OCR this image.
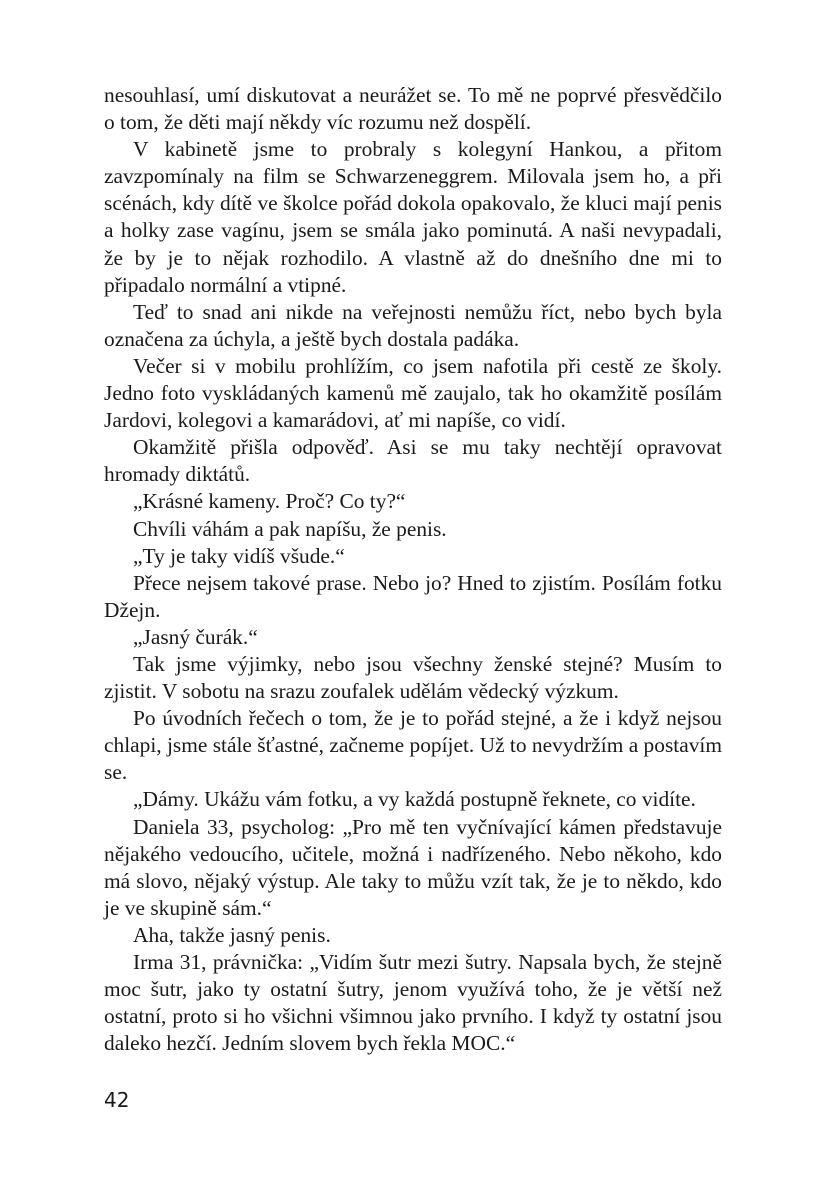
nesouhlasí, umí diskutovat a neurážet se. To mě ne poprvé přesvědčilo o tom, že děti mají někdy víc rozumu než dospělí.

V kabinetě jsme to probraly s kolegyní Hankou, a přitom zavzpomínaly na film se Schwarzeneggrem. Milovala jsem ho, a při scénách, kdy dítě ve školce pořád dokola opakovalo, že kluci mají penis a holky zase vagínu, jsem se smála jako pominutá. A naši nevypadali, že by je to nějak rozhodilo. A vlastně až do dnešního dne mi to připadalo normální a vtipné.

Teď to snad ani nikde na veřejnosti nemůžu říct, nebo bych byla označena za úchyla, a ještě bych dostala padáka.

Večer si v mobilu prohlížím, co jsem nafotila při cestě ze školy. Jedno foto vyskládaných kamenů mě zaujalo, tak ho okamžitě posílám Jardovi, kolegovi a kamarádovi, ať mi napíše, co vidí.

Okamžitě přišla odpověď. Asi se mu taky nechtějí opravovat hromady diktátů.

„Krásné kameny. Proč? Co ty?“

Chvíli váhám a pak napíšu, že penis.

„Ty je taky vidíš všude.“

Přece nejsem takové prase. Nebo jo? Hned to zjistím. Posílám fotku Džejn.

„Jasný čurák.“

Tak jsme výjimky, nebo jsou všechny ženské stejné? Musím to zjistit. V sobotu na srazu zoufalek udělám vědecký výzkum.

Po úvodních řečech o tom, že je to pořád stejné, a že i když nejsou chlapi, jsme stále šťastné, začneme popíjet. Už to nevydržím a postavím se.

„Dámy. Ukážu vám fotku, a vy každá postupně řeknete, co vidíte.

Daniela 33, psycholog: „Pro mě ten vyčnívající kámen představuje nějakého vedoucího, učitele, možná i nadřízeného. Nebo někoho, kdo má slovo, nějaký výstup. Ale taky to můžu vzít tak, že je to někdo, kdo je ve skupině sám.“

Aha, takže jasný penis.

Irma 31, právnička: „Vidím šutr mezi šutry. Napsala bych, že stejně moc šutr, jako ty ostatní šutry, jenom využívá toho, že je větší než ostatní, proto si ho všichni všimnou jako prvního. I když ty ostatní jsou daleko hezčí. Jedním slovem bych řekla MOC.“

42
